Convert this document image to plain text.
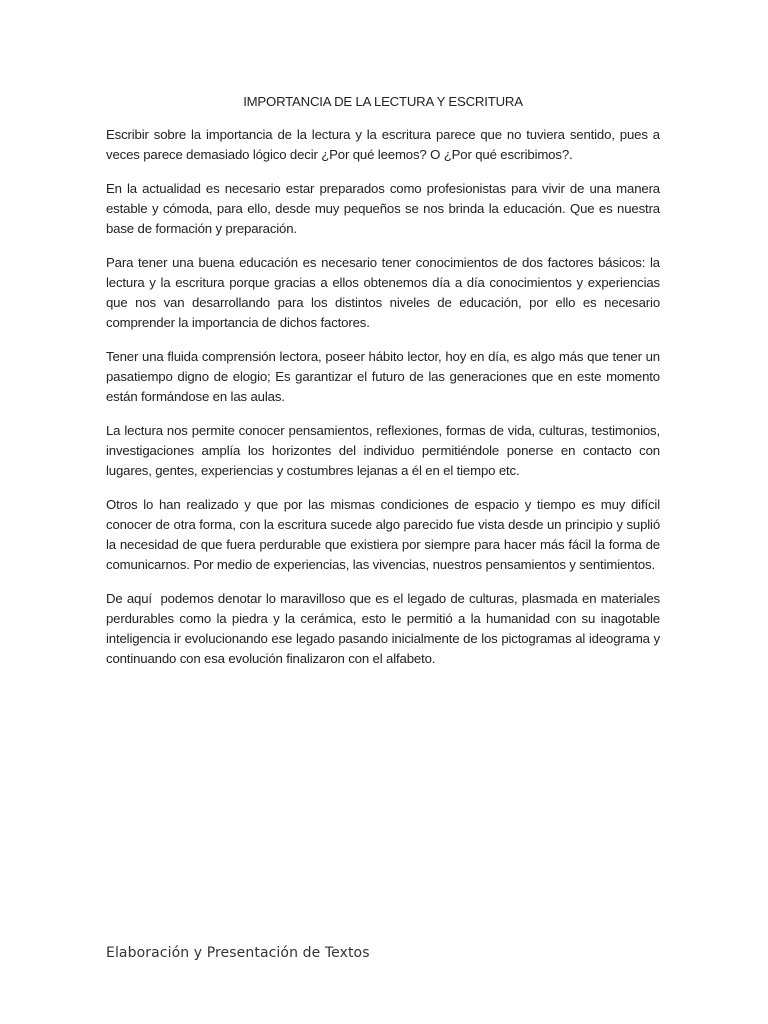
IMPORTANCIA DE LA LECTURA Y ESCRITURA

Escribir sobre la importancia de la lectura y la escritura parece que no tuviera sentido, pues a veces parece demasiado lógico decir ¿Por qué leemos? O ¿Por qué escribimos?.

En la actualidad es necesario estar preparados como profesionistas para vivir de una manera estable y cómoda, para ello, desde muy pequeños se nos brinda la educación. Que es nuestra base de formación y preparación.

Para tener una buena educación es necesario tener conocimientos de dos factores básicos: la lectura y la escritura porque gracias a ellos obtenemos día a día conocimientos y experiencias que nos van desarrollando para los distintos niveles de educación, por ello es necesario comprender la importancia de dichos factores.

Tener una fluida comprensión lectora, poseer hábito lector, hoy en día, es algo más que tener un pasatiempo digno de elogio; Es garantizar el futuro de las generaciones que en este momento están formándose en las aulas.

La lectura nos permite conocer pensamientos, reflexiones, formas de vida, culturas, testimonios, investigaciones amplía los horizontes del individuo permitiéndole ponerse en contacto con lugares, gentes, experiencias y costumbres lejanas a él en el tiempo etc.

Otros lo han realizado y que por las mismas condiciones de espacio y tiempo es muy difícil conocer de otra forma, con la escritura sucede algo parecido fue vista desde un principio y suplió la necesidad de que fuera perdurable que existiera por siempre para hacer más fácil la forma de comunicarnos. Por medio de experiencias, las vivencias, nuestros pensamientos y sentimientos.

De aquí  podemos denotar lo maravilloso que es el legado de culturas, plasmada en materiales perdurables como la piedra y la cerámica, esto le permitió a la humanidad con su inagotable inteligencia ir evolucionando ese legado pasando inicialmente de los pictogramas al ideograma y continuando con esa evolución finalizaron con el alfabeto.

Elaboración y Presentación de Textos
